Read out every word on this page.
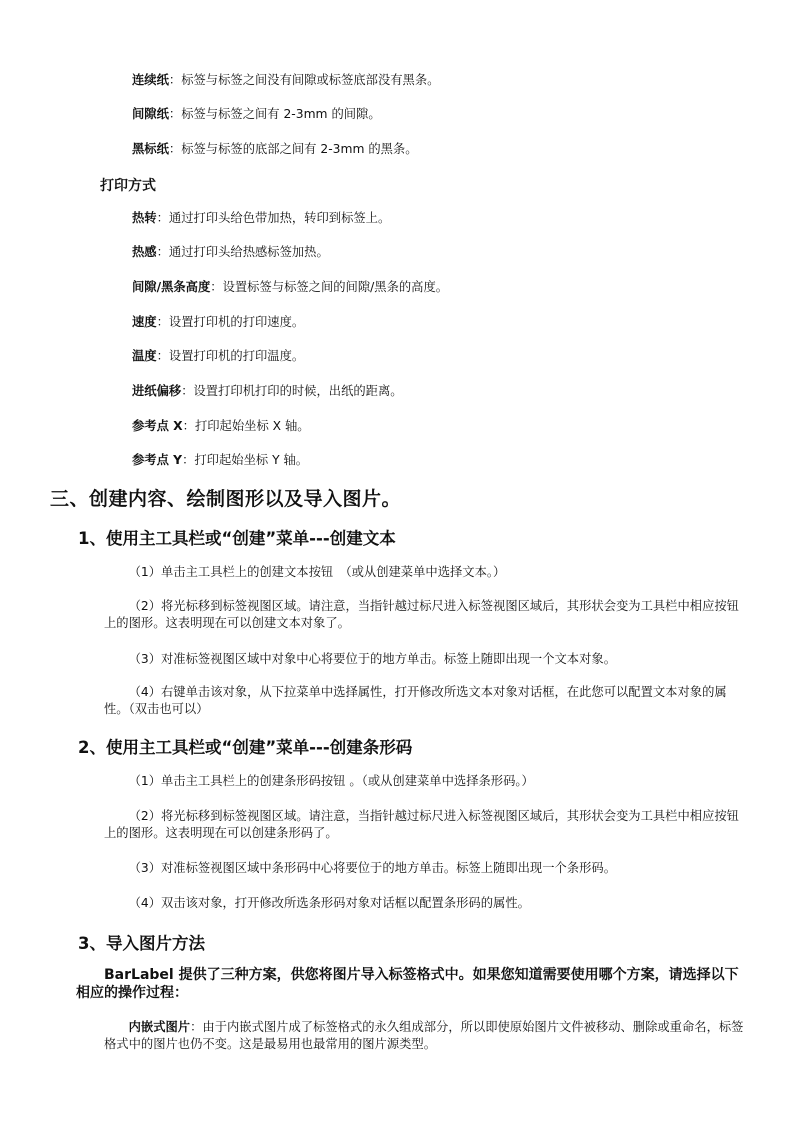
连续纸：标签与标签之间没有间隙或标签底部没有黑条。
间隙纸：标签与标签之间有 2-3mm 的间隙。
黑标纸：标签与标签的底部之间有 2-3mm 的黑条。
打印方式
热转：通过打印头给色带加热，转印到标签上。
热感：通过打印头给热感标签加热。
间隙/黑条高度：设置标签与标签之间的间隙/黑条的高度。
速度：设置打印机的打印速度。
温度：设置打印机的打印温度。
进纸偏移：设置打印机打印的时候，出纸的距离。
参考点 X：打印起始坐标 X 轴。
参考点 Y：打印起始坐标 Y 轴。
三、创建内容、绘制图形以及导入图片。
1、使用主工具栏或“创建”菜单---创建文本
（1）单击主工具栏上的创建文本按钮　（或从创建菜单中选择文本。）
（2）将光标移到标签视图区域。请注意，当指针越过标尺进入标签视图区域后，其形状会变为工具栏中相应按钮上的图形。这表明现在可以创建文本对象了。
（3）对准标签视图区域中对象中心将要位于的地方单击。标签上随即出现一个文本对象。
（4）右键单击该对象，从下拉菜单中选择属性，打开修改所选文本对象对话框，在此您可以配置文本对象的属性。（双击也可以）
2、使用主工具栏或“创建”菜单---创建条形码
（1）单击主工具栏上的创建条形码按钮 。（或从创建菜单中选择条形码。）
（2）将光标移到标签视图区域。请注意，当指针越过标尺进入标签视图区域后，其形状会变为工具栏中相应按钮上的图形。这表明现在可以创建条形码了。
（3）对准标签视图区域中条形码中心将要位于的地方单击。标签上随即出现一个条形码。
（4）双击该对象，打开修改所选条形码对象对话框以配置条形码的属性。
3、导入图片方法
BarLabel 提供了三种方案，供您将图片导入标签格式中。如果您知道需要使用哪个方案，请选择以下相应的操作过程：
内嵌式图片：由于内嵌式图片成了标签格式的永久组成部分，所以即使原始图片文件被移动、删除或重命名，标签格式中的图片也仍不变。这是最易用也最常用的图片源类型。
